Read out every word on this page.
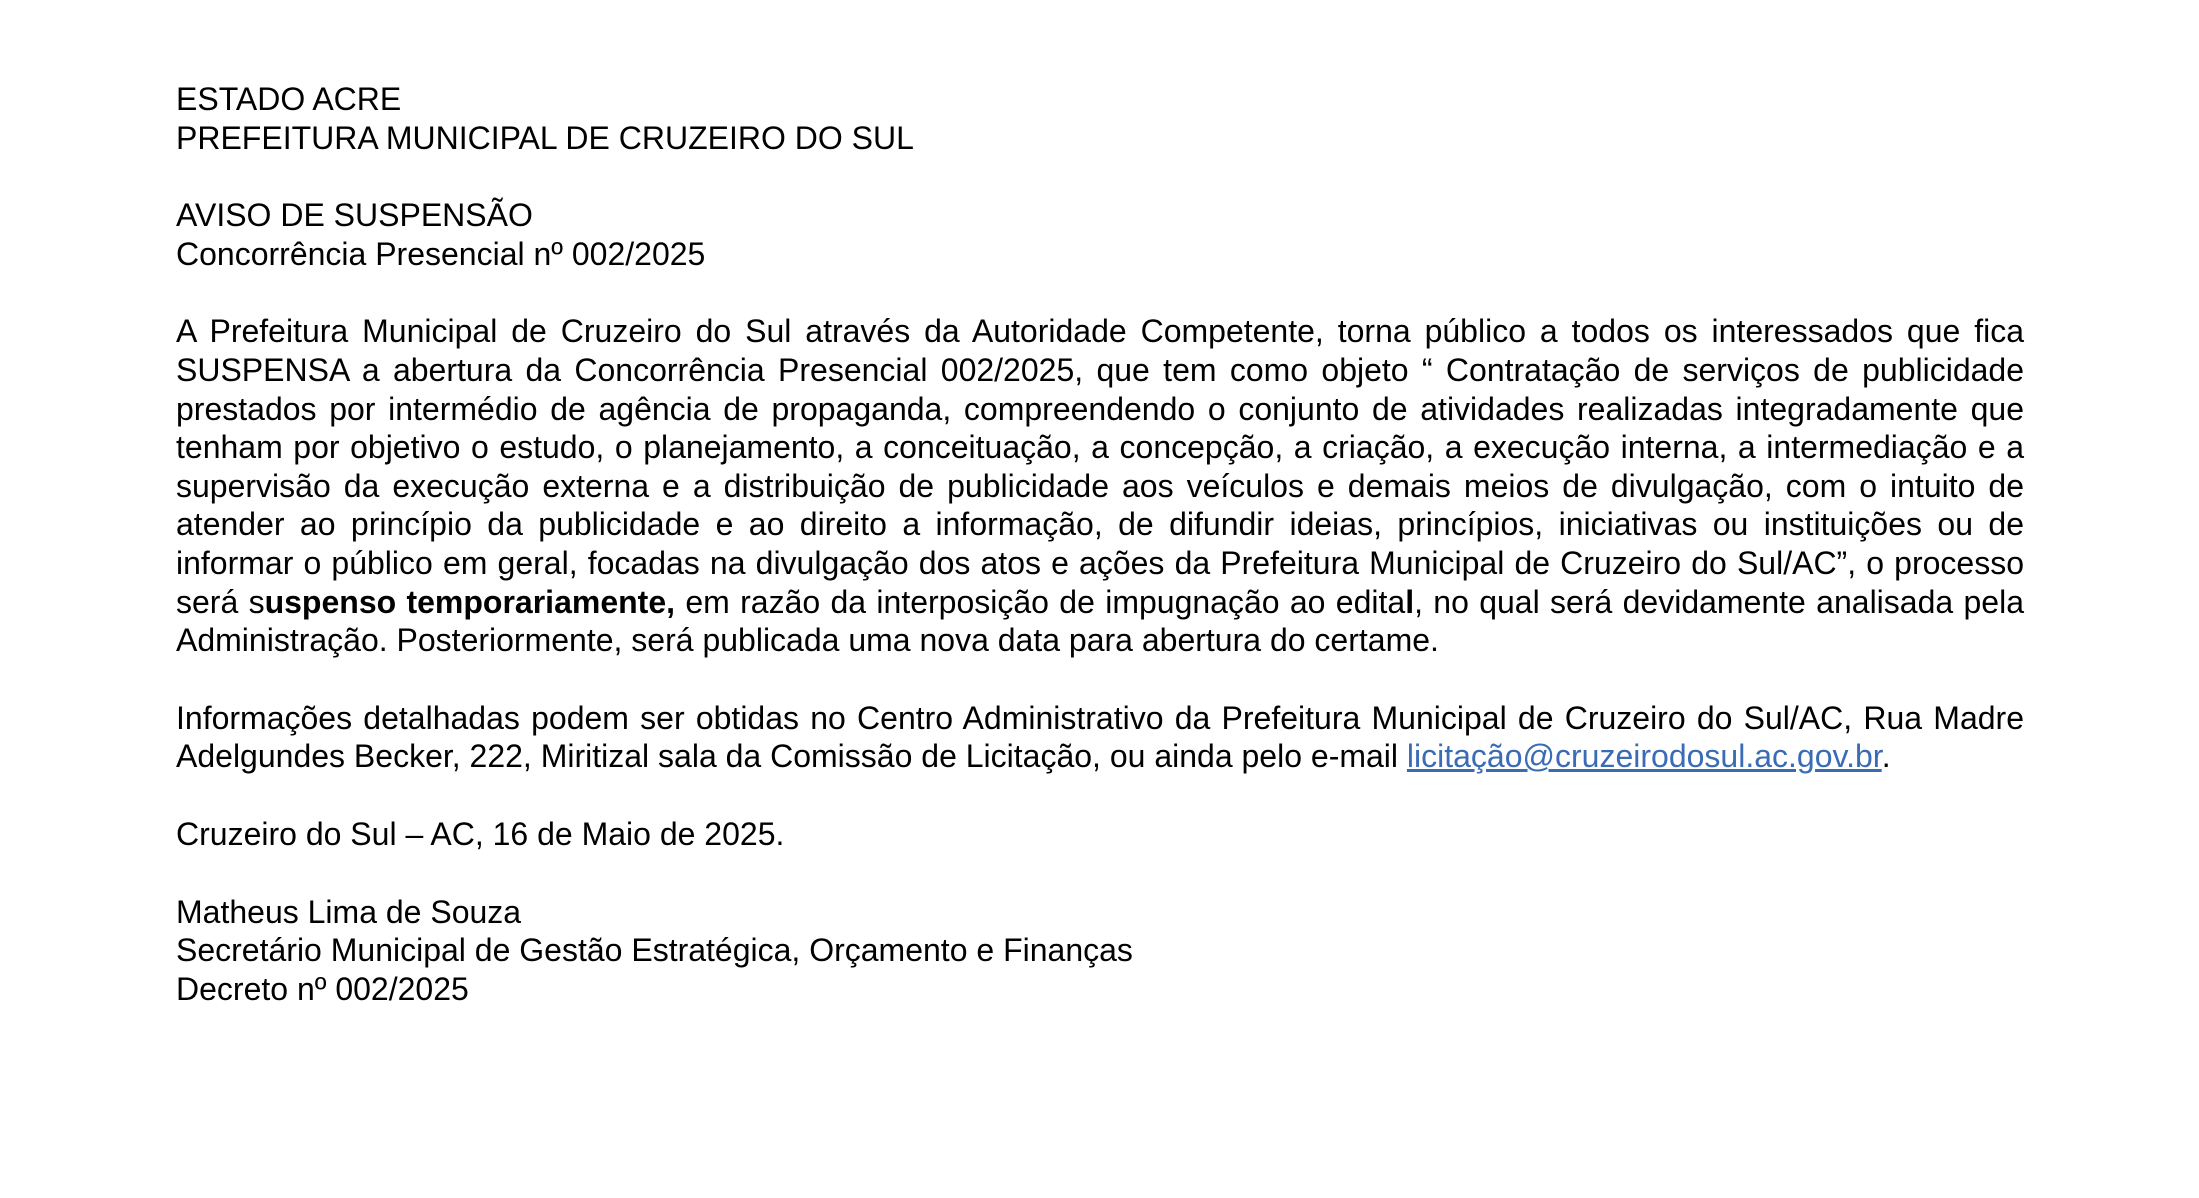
ESTADO ACRE
PREFEITURA MUNICIPAL DE CRUZEIRO DO SUL
AVISO DE SUSPENSÃO
Concorrência Presencial nº 002/2025

A Prefeitura Municipal de Cruzeiro do Sul através da Autoridade Competente, torna público a todos os interessados que fica SUSPENSA a abertura da Concorrência Presencial 002/2025, que tem como objeto “ Contratação de serviços de publicidade prestados por intermédio de agência de propaganda, compreendendo o conjunto de atividades realizadas integradamente que tenham por objetivo o estudo, o planejamento, a conceituação, a concepção, a criação, a execução interna, a intermediação e a supervisão da execução externa e a distribuição de publicidade aos veículos e demais meios de divulgação, com o intuito de atender ao princípio da publicidade e ao direito a informação, de difundir ideias, princípios, iniciativas ou instituições ou de informar o público em geral, focadas na divulgação dos atos e ações da Prefeitura Municipal de Cruzeiro do Sul/AC”, o processo será suspenso temporariamente, em razão da interposição de impugnação ao edital, no qual será devidamente analisada pela Administração. Posteriormente, será publicada uma nova data para abertura do certame.

Informações detalhadas podem ser obtidas no Centro Administrativo da Prefeitura Municipal de Cruzeiro do Sul/AC, Rua Madre Adelgundes Becker, 222, Miritizal sala da Comissão de Licitação, ou ainda pelo e-mail licitação@cruzeirodosul.ac.gov.br.

Cruzeiro do Sul – AC, 16 de Maio de 2025.

Matheus Lima de Souza
Secretário Municipal de Gestão Estratégica, Orçamento e Finanças
Decreto nº 002/2025
